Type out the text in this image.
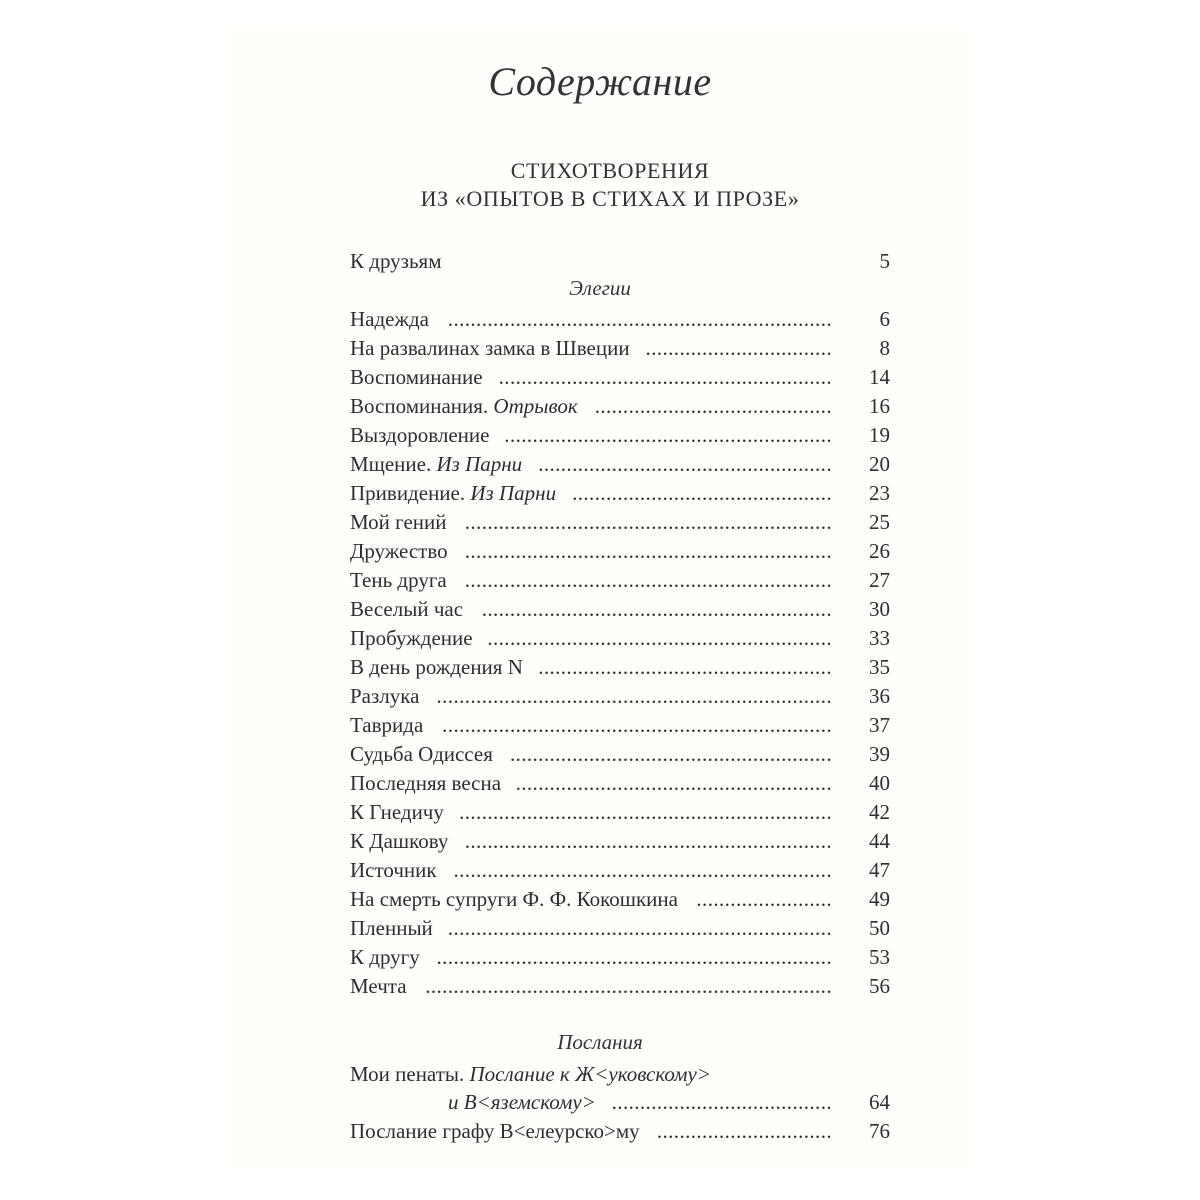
Содержание
СТИХОТВОРЕНИЯ
ИЗ «ОПЫТОВ В СТИХАХ И ПРОЗЕ»
К друзьям	5
Элегии
Надежда ....................................................................	6
На развалинах замка в Швеции .................................	8
Воспоминание ...........................................................	14
Воспоминания. Отрывок ..........................................	16
Выздоровление ..........................................................	19
Мщение. Из Парни ....................................................	20
Привидение. Из Парни ..............................................	23
Мой гений .................................................................	25
Дружество .................................................................	26
Тень друга .................................................................	27
Веселый час ..............................................................	30
Пробуждение .............................................................	33
В день рождения N ....................................................	35
Разлука ......................................................................	36
Таврида .....................................................................	37
Судьба Одиссея .........................................................	39
Последняя весна ........................................................	40
К Гнедичу ..................................................................	42
К Дашкову .................................................................	44
Источник ...................................................................	47
На смерть супруги Ф. Ф. Кокошкина ........................	49
Пленный ....................................................................	50
К другу ......................................................................	53
Мечта ........................................................................	56
Послания
Мои пенаты. Послание к Ж<уковскому>
и В<яземскому> .......................................	64
Послание графу В<елеурско>му ...............................	76
